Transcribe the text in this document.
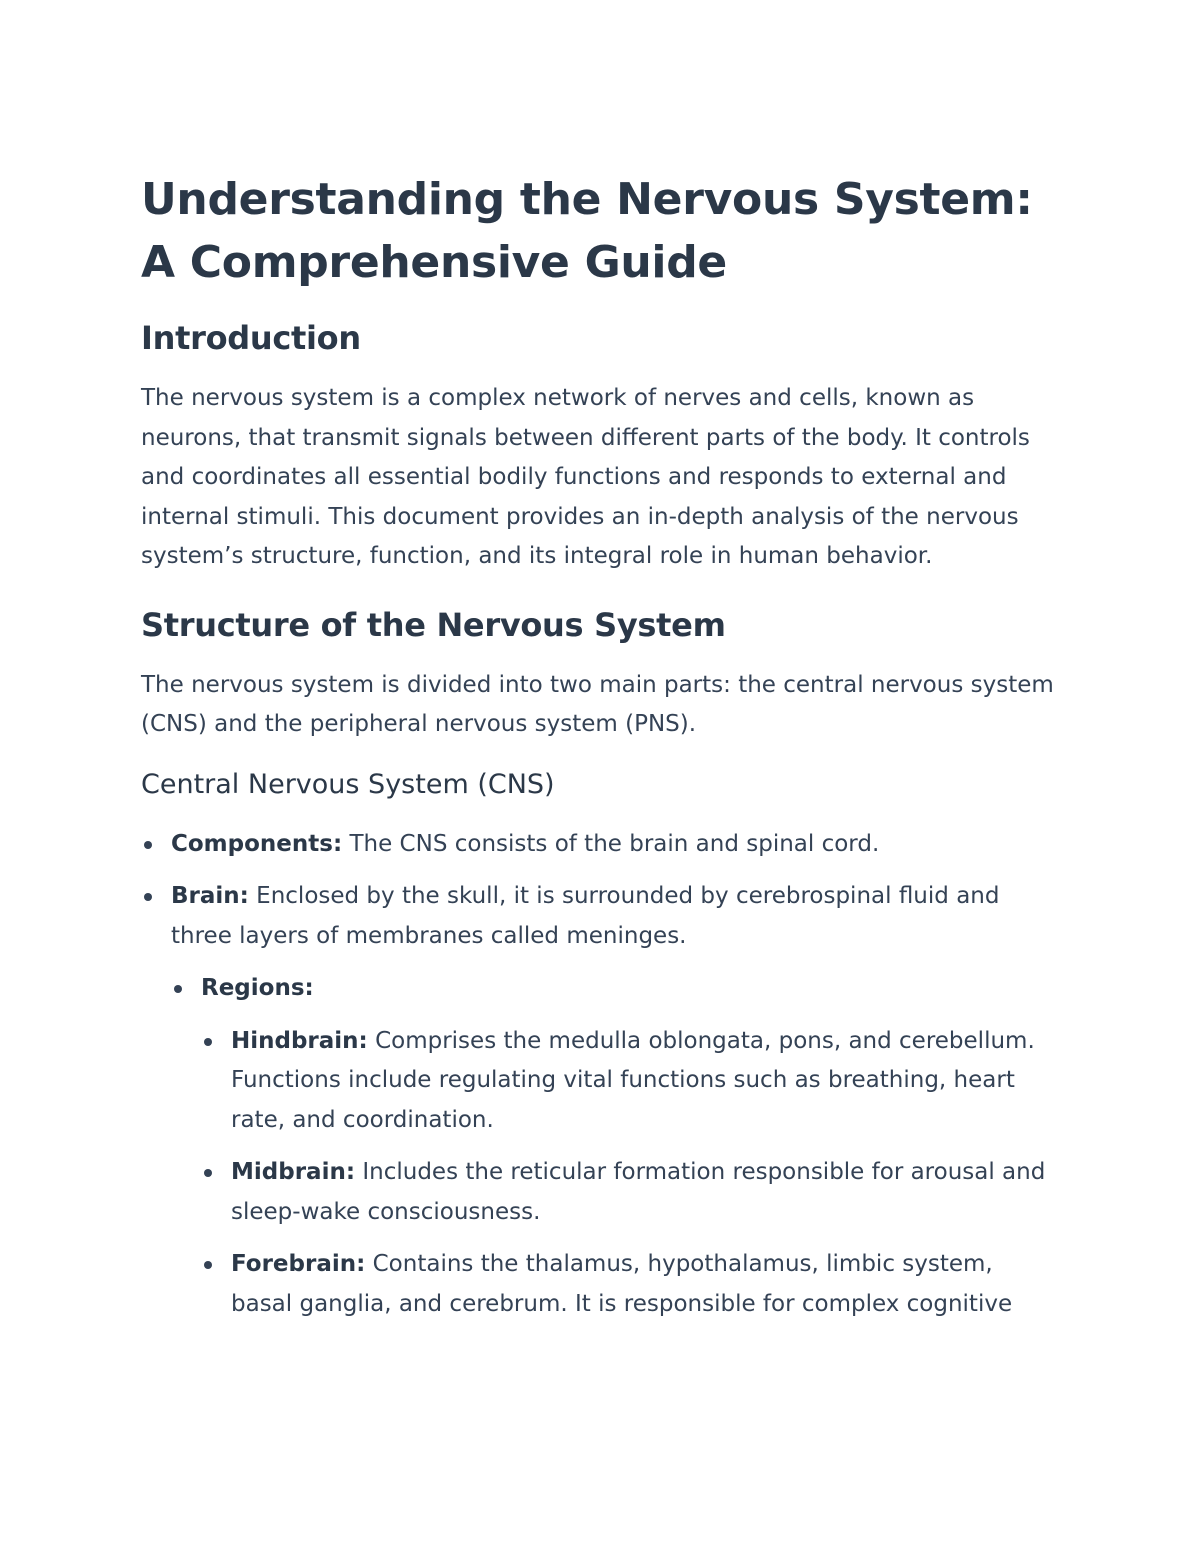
Understanding the Nervous System: A Comprehensive Guide
Introduction

The nervous system is a complex network of nerves and cells, known as neurons, that transmit signals between different parts of the body. It controls and coordinates all essential bodily functions and responds to external and internal stimuli. This document provides an in-depth analysis of the nervous system’s structure, function, and its integral role in human behavior.

Structure of the Nervous System

The nervous system is divided into two main parts: the central nervous system (CNS) and the peripheral nervous system (PNS).

Central Nervous System (CNS)
Components: The CNS consists of the brain and spinal cord.
Brain: Enclosed by the skull, it is surrounded by cerebrospinal fluid and three layers of membranes called meninges.
Regions:
Hindbrain: Comprises the medulla oblongata, pons, and cerebellum. Functions include regulating vital functions such as breathing, heart rate, and coordination.
Midbrain: Includes the reticular formation responsible for arousal and sleep-wake consciousness.
Forebrain: Contains the thalamus, hypothalamus, limbic system, basal ganglia, and cerebrum. It is responsible for complex cognitive
